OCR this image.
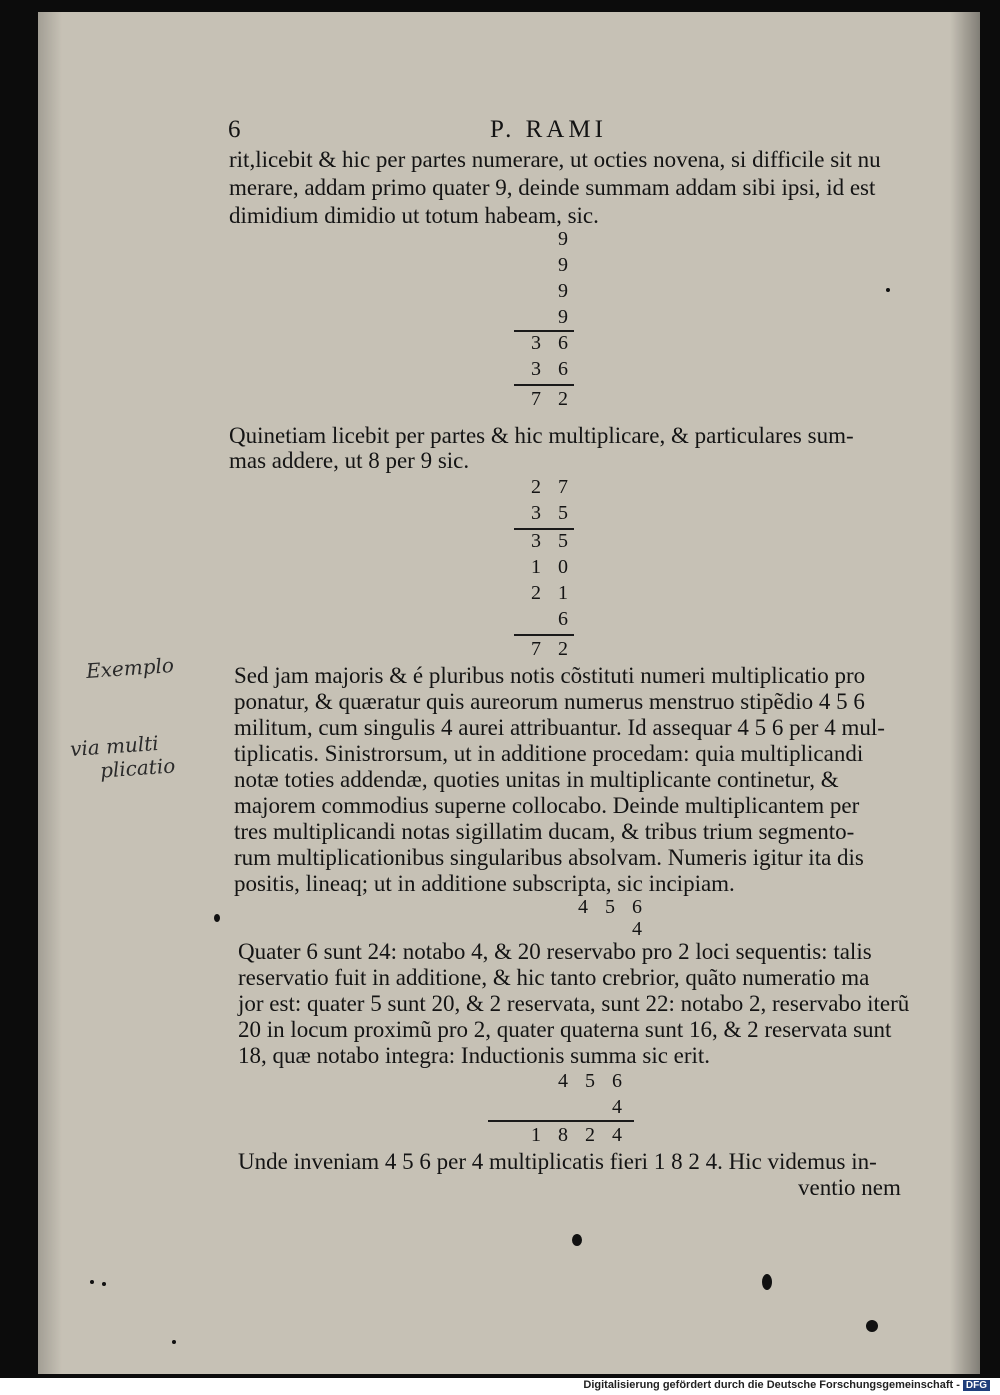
6	P. RAMI
rit,licebit & hic per partes numerare, ut octies novena, si difficile sit nu
merare, addam primo quater 9, deinde summam addam sibi ipsi, id est
dimidium dimidio ut totum habeam, sic.
9
9
9
9
3 6
3 6
7 2
Quinetiam licebit per partes & hic multiplicare, & particulares sum-
mas addere, ut 8 per 9 sic.
2 7
3 5
3 5
1 0
2 1
6
7 2
Exemplo
via multi
plicatio
Sed jam majoris & é pluribus notis cõstituti numeri multiplicatio pro
ponatur, & quæratur quis aureorum numerus menstruo stipẽdio 4 5 6
militum, cum singulis 4 aurei attribuantur. Id assequar 4 5 6 per 4 mul-
tiplicatis. Sinistrorsum, ut in additione procedam: quia multiplicandi
notæ toties addendæ, quoties unitas in multiplicante continetur, &
majorem commodius superne collocabo. Deinde multiplicantem per
tres multiplicandi notas sigillatim ducam, & tribus trium segmento-
rum multiplicationibus singularibus absolvam. Numeris igitur ita dis
positis, lineaq; ut in additione subscripta, sic incipiam.
4 5 6
4
Quater 6 sunt 24: notabo 4, & 20 reservabo pro 2 loci sequentis: talis
reservatio fuit in additione, & hic tanto crebrior, quãto numeratio ma
jor est: quater 5 sunt 20, & 2 reservata, sunt 22: notabo 2, reservabo iterũ
20 in locum proximũ pro 2, quater quaterna sunt 16, & 2 reservata sunt
18, quæ notabo integra: Inductionis summa sic erit.
4 5 6
4
1 8 2 4
Unde inveniam 4 5 6 per 4 multiplicatis fieri 1 8 2 4. Hic videmus in-
ventio nem
Digitalisierung gefördert durch die Deutsche Forschungsgemeinschaft - DFG
